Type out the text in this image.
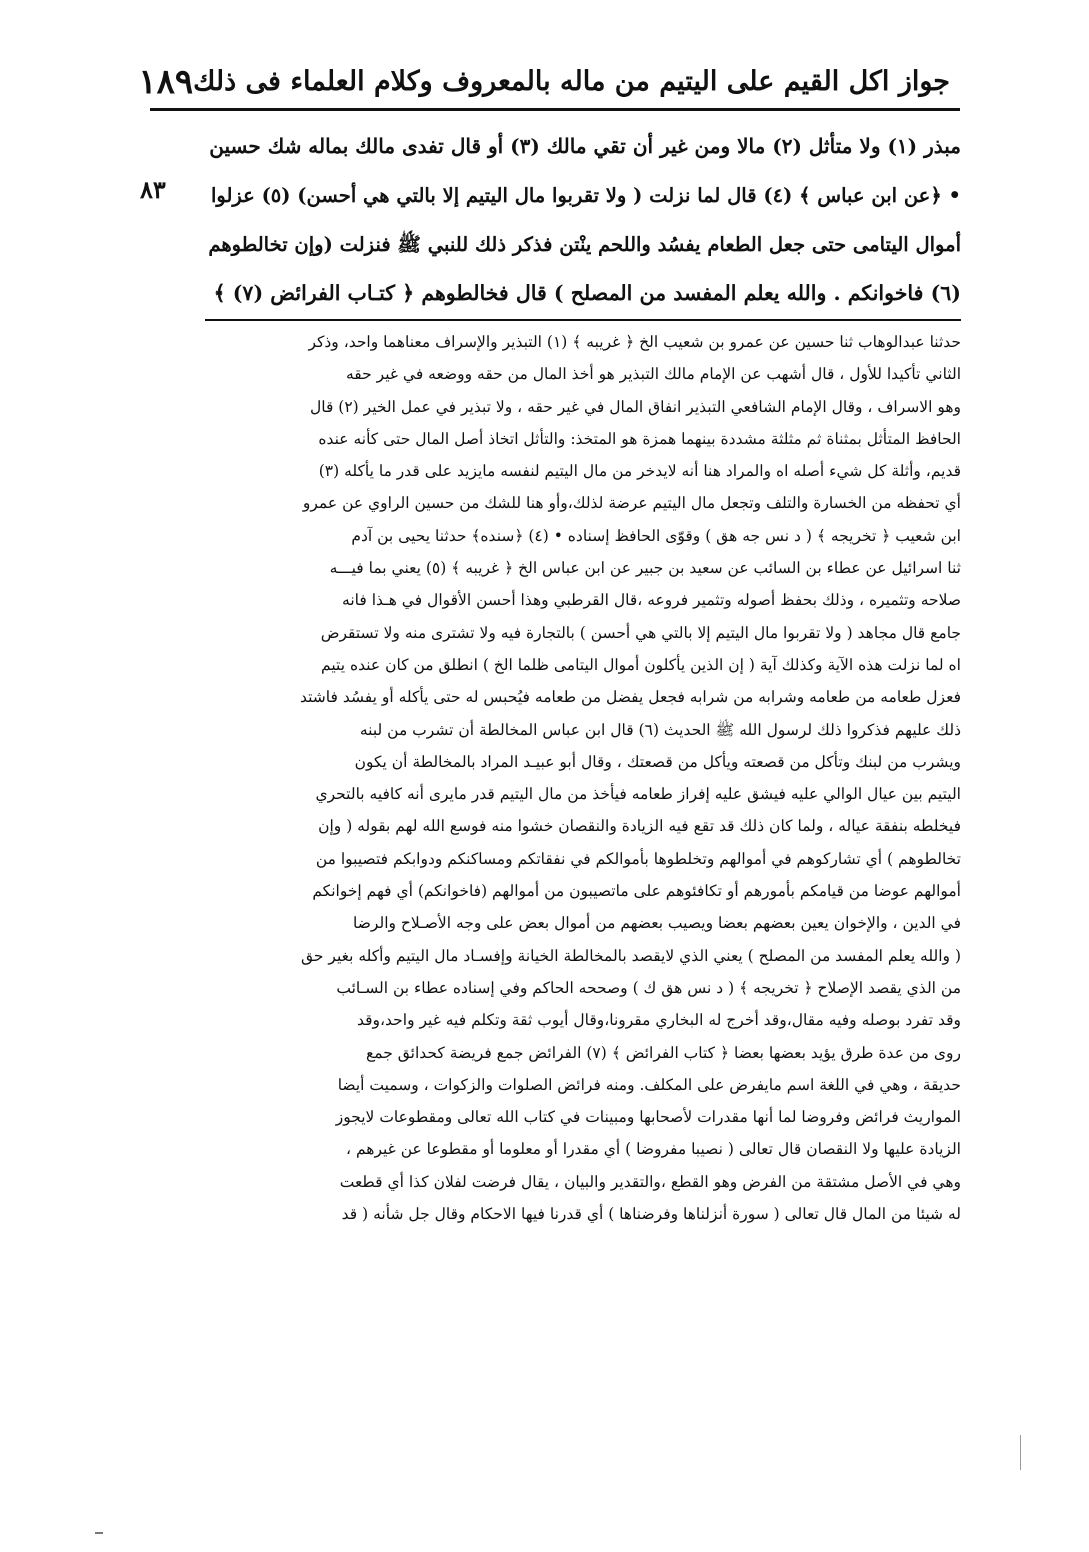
جواز اكل القيم على اليتيم من ماله بالمعروف وكلام العلماء فى ذلك
١٨٩
٨٣
مبذر (١) ولا متأثل (٢) مالا ومن غير أن تقي مالك (٣) أو قال تفدى مالك بماله شك حسين
• ﴿عن ابن عباس ﴾ (٤) قال لما نزلت ( ولا تقربوا مال اليتيم إلا بالتي هي أحسن) (٥) عزلوا
أموال اليتامى حتى جعل الطعام يفسُد واللحم ينْتن فذكر ذلك للنبي ﷺ فنزلت (وإن تخالطوهم
(٦) فاخوانكم . والله يعلم المفسد من المصلح ) قال فخالطوهم ﴿ كتـاب الفرائض (٧) ﴾
حدثنا عبدالوهاب ثنا حسين عن عمرو بن شعيب الخ ﴿ غريبه ﴾ (١) التبذير والإسراف معناهما واحد، وذكر
الثاني تأكيدا للأول ، قال أشهب عن الإمام مالك التبذير هو أخذ المال من حقه ووضعه في غير حقه
وهو الاسراف ، وقال الإمام الشافعي التبذير انفاق المال في غير حقه ، ولا تبذير في عمل الخير (٢) قال
الحافظ المتأثل بمثناة ثم مثلثة مشددة بينهما همزة هو المتخذ: والتأثل اتخاذ أصل المال حتى كأنه عنده
قديم، وأثلة كل شيء أصله اه والمراد هنا أنه لايدخر من مال اليتيم لنفسه مايزيد على قدر ما يأكله (٣)
أي تحفظه من الخسارة والتلف وتجعل مال اليتيم عرضة لذلك،وأو هنا للشك من حسين الراوي عن عمرو
ابن شعيب ﴿ تخريجه ﴾ ( د نس جه هق ) وقوّى الحافظ إسناده • (٤) ﴿سنده﴾ حدثنا يحيى بن آدم
ثنا اسرائيل عن عطاء بن السائب عن سعيد بن جبير عن ابن عباس الخ ﴿ غريبه ﴾ (٥) يعني بما فيـــه
صلاحه وتثميره ، وذلك بحفظ أصوله وتثمير فروعه ،قال القرطبي وهذا أحسن الأقوال في هـذا فانه
جامع قال مجاهد ( ولا تقربوا مال اليتيم إلا بالتي هي أحسن ) بالتجارة فيه ولا تشترى منه ولا تستقرض
اه لما نزلت هذه الآية وكذلك آية ( إن الذين يأكلون أموال اليتامى ظلما الخ ) انطلق من كان عنده يتيم
فعزل طعامه من طعامه وشرابه من شرابه فجعل يفضل من طعامه فيُحبس له حتى يأكله أو يفسُد فاشتد
ذلك عليهم فذكروا ذلك لرسول الله ﷺ الحديث (٦) قال ابن عباس المخالطة أن تشرب من لبنه
ويشرب من لبنك وتأكل من قصعته ويأكل من قصعتك ، وقال أبو عبيـد المراد بالمخالطة أن يكون
اليتيم بين عيال الوالي عليه فيشق عليه إفراز طعامه فيأخذ من مال اليتيم قدر مايرى أنه كافيه بالتحري
فيخلطه بنفقة عياله ، ولما كان ذلك قد تقع فيه الزيادة والنقصان خشوا منه فوسع الله لهم بقوله ( وإن
تخالطوهم ) أي تشاركوهم في أموالهم وتخلطوها بأموالكم في نفقاتكم ومساكنكم ودوابكم فتصيبوا من
أموالهم عوضا من قيامكم بأمورهم أو تكافئوهم على ماتصيبون من أموالهم (فاخوانكم) أي فهم إخوانكم
في الدين ، والإخوان يعين بعضهم بعضا ويصيب بعضهم من أموال بعض على وجه الأصـلاح والرضا
( والله يعلم المفسد من المصلح ) يعني الذي لايقصد بالمخالطة الخيانة وإفسـاد مال اليتيم وأكله بغير حق
من الذي يقصد الإصلاح ﴿ تخريجه ﴾ ( د نس هق ك ) وصححه الحاكم وفي إسناده عطاء بن السـائب
وقد تفرد بوصله وفيه مقال،وقد أخرج له البخاري مقرونا،وقال أيوب ثقة وتكلم فيه غير واحد،وقد
روى من عدة طرق يؤيد بعضها بعضا ﴿ كتاب الفرائض ﴾ (٧) الفرائض جمع فريضة كحدائق جمع
حديقة ، وهي في اللغة اسم مايفرض على المكلف. ومنه فرائض الصلوات والزكوات ، وسميت أيضا
المواريث فرائض وفروضا لما أنها مقدرات لأصحابها ومبينات في كتاب الله تعالى ومقطوعات لايجوز
الزيادة عليها ولا النقصان قال تعالى ( نصيبا مفروضا ) أي مقدرا أو معلوما أو مقطوعا عن غيرهم ،
وهي في الأصل مشتقة من الفرض وهو القطع ،والتقدير والبيان ، يقال فرضت لفلان كذا أي قطعت
له شيئا من المال قال تعالى ( سورة أنزلناها وفرضناها ) أي قدرنا فيها الاحكام وقال جل شأنه ( قد
